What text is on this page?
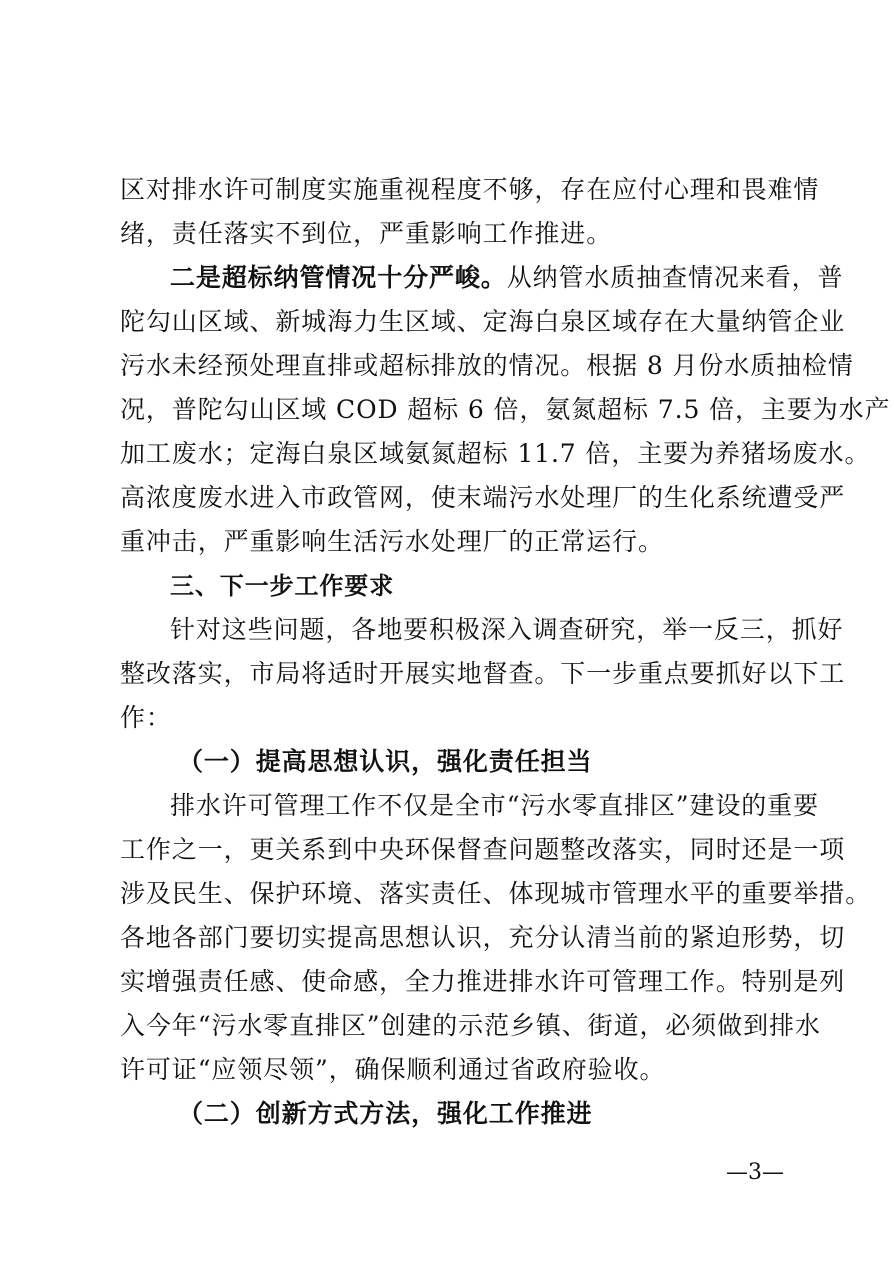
区对排水许可制度实施重视程度不够，存在应付心理和畏难情
绪，责任落实不到位，严重影响工作推进。
二是超标纳管情况十分严峻。从纳管水质抽查情况来看，普
陀勾山区域、新城海力生区域、定海白泉区域存在大量纳管企业
污水未经预处理直排或超标排放的情况。根据 8 月份水质抽检情
况，普陀勾山区域 COD 超标 6 倍，氨氮超标 7.5 倍，主要为水产
加工废水；定海白泉区域氨氮超标 11.7 倍，主要为养猪场废水。
高浓度废水进入市政管网，使末端污水处理厂的生化系统遭受严
重冲击，严重影响生活污水处理厂的正常运行。
三、下一步工作要求
针对这些问题，各地要积极深入调查研究，举一反三，抓好
整改落实，市局将适时开展实地督查。下一步重点要抓好以下工
作：
（一）提高思想认识，强化责任担当
排水许可管理工作不仅是全市“污水零直排区”建设的重要
工作之一，更关系到中央环保督查问题整改落实，同时还是一项
涉及民生、保护环境、落实责任、体现城市管理水平的重要举措。
各地各部门要切实提高思想认识，充分认清当前的紧迫形势，切
实增强责任感、使命感，全力推进排水许可管理工作。特别是列
入今年“污水零直排区”创建的示范乡镇、街道，必须做到排水
许可证“应领尽领”，确保顺利通过省政府验收。
（二）创新方式方法，强化工作推进
—3—
